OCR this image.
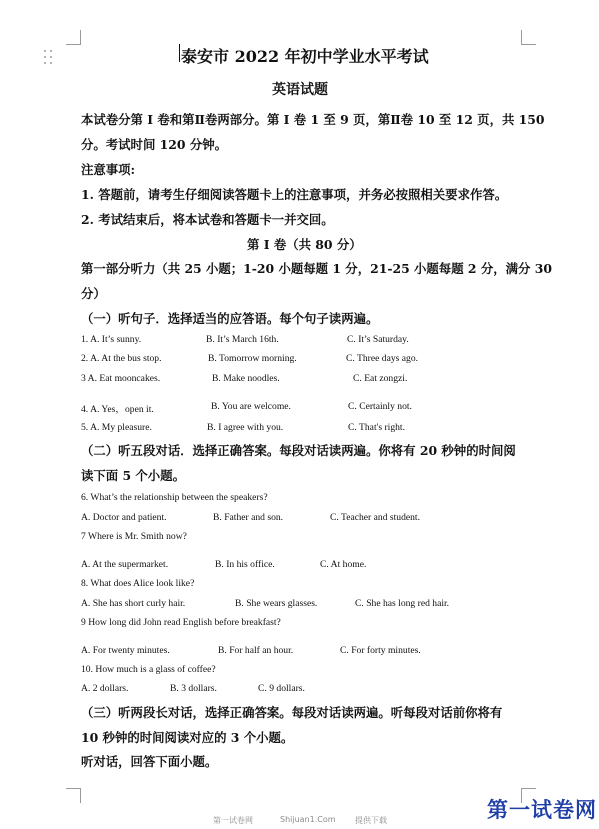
泰安市 2022 年初中学业水平考试
英语试题
本试卷分第 I 卷和第Ⅱ卷两部分。第 I 卷 1 至 9 页，第Ⅱ卷 10 至 12 页，共 150
分。考试时间 120 分钟。
注意事项:
1. 答题前，请考生仔细阅读答题卡上的注意事项，并务必按照相关要求作答。
2. 考试结束后，将本试卷和答题卡一并交回。
第 I 卷（共 80 分）
第一部分听力（共 25 小题；1-20 小题每题 1 分，21-25 小题每题 2 分，满分 30
分）
（一）听句子．选择适当的应答语。每个句子读两遍。
1. A. It’s sunny.	B. It’s March 16th.	C. It’s Saturday.
2. A. At the bus stop.	B. Tomorrow morning.	C. Three days ago.
3 A. Eat mooncakes.	B. Make noodles.	C. Eat zongzi.
4. A. Yes，open it.	B. You are welcome.	C. Certainly not.
5. A. My pleasure.	B. I agree with you.	C. That's right.
（二）听五段对话．选择正确答案。每段对话读两遍。你将有 20 秒钟的时间阅
读下面 5 个小题。
6. What’s the relationship between the speakers?
A. Doctor and patient.	B. Father and son.	C. Teacher and student.
7 Where is Mr. Smith now?
A. At the supermarket.	B. In his office.	C. At home.
8. What does Alice look like?
A. She has short curly hair.	B. She wears glasses.	C. She has long red hair.
9 How long did John read English before breakfast?
A. For twenty minutes.	B. For half an hour.	C. For forty minutes.
10. How much is a glass of coffee?
A. 2 dollars.	B. 3 dollars.	C. 9 dollars.
（三）听两段长对话，选择正确答案。每段对话读两遍。听每段对话前你将有
10 秒钟的时间阅读对应的 3 个小题。
听对话，回答下面小题。
第一试卷网	Shijuan1.Com 提供下载	第一试卷网
